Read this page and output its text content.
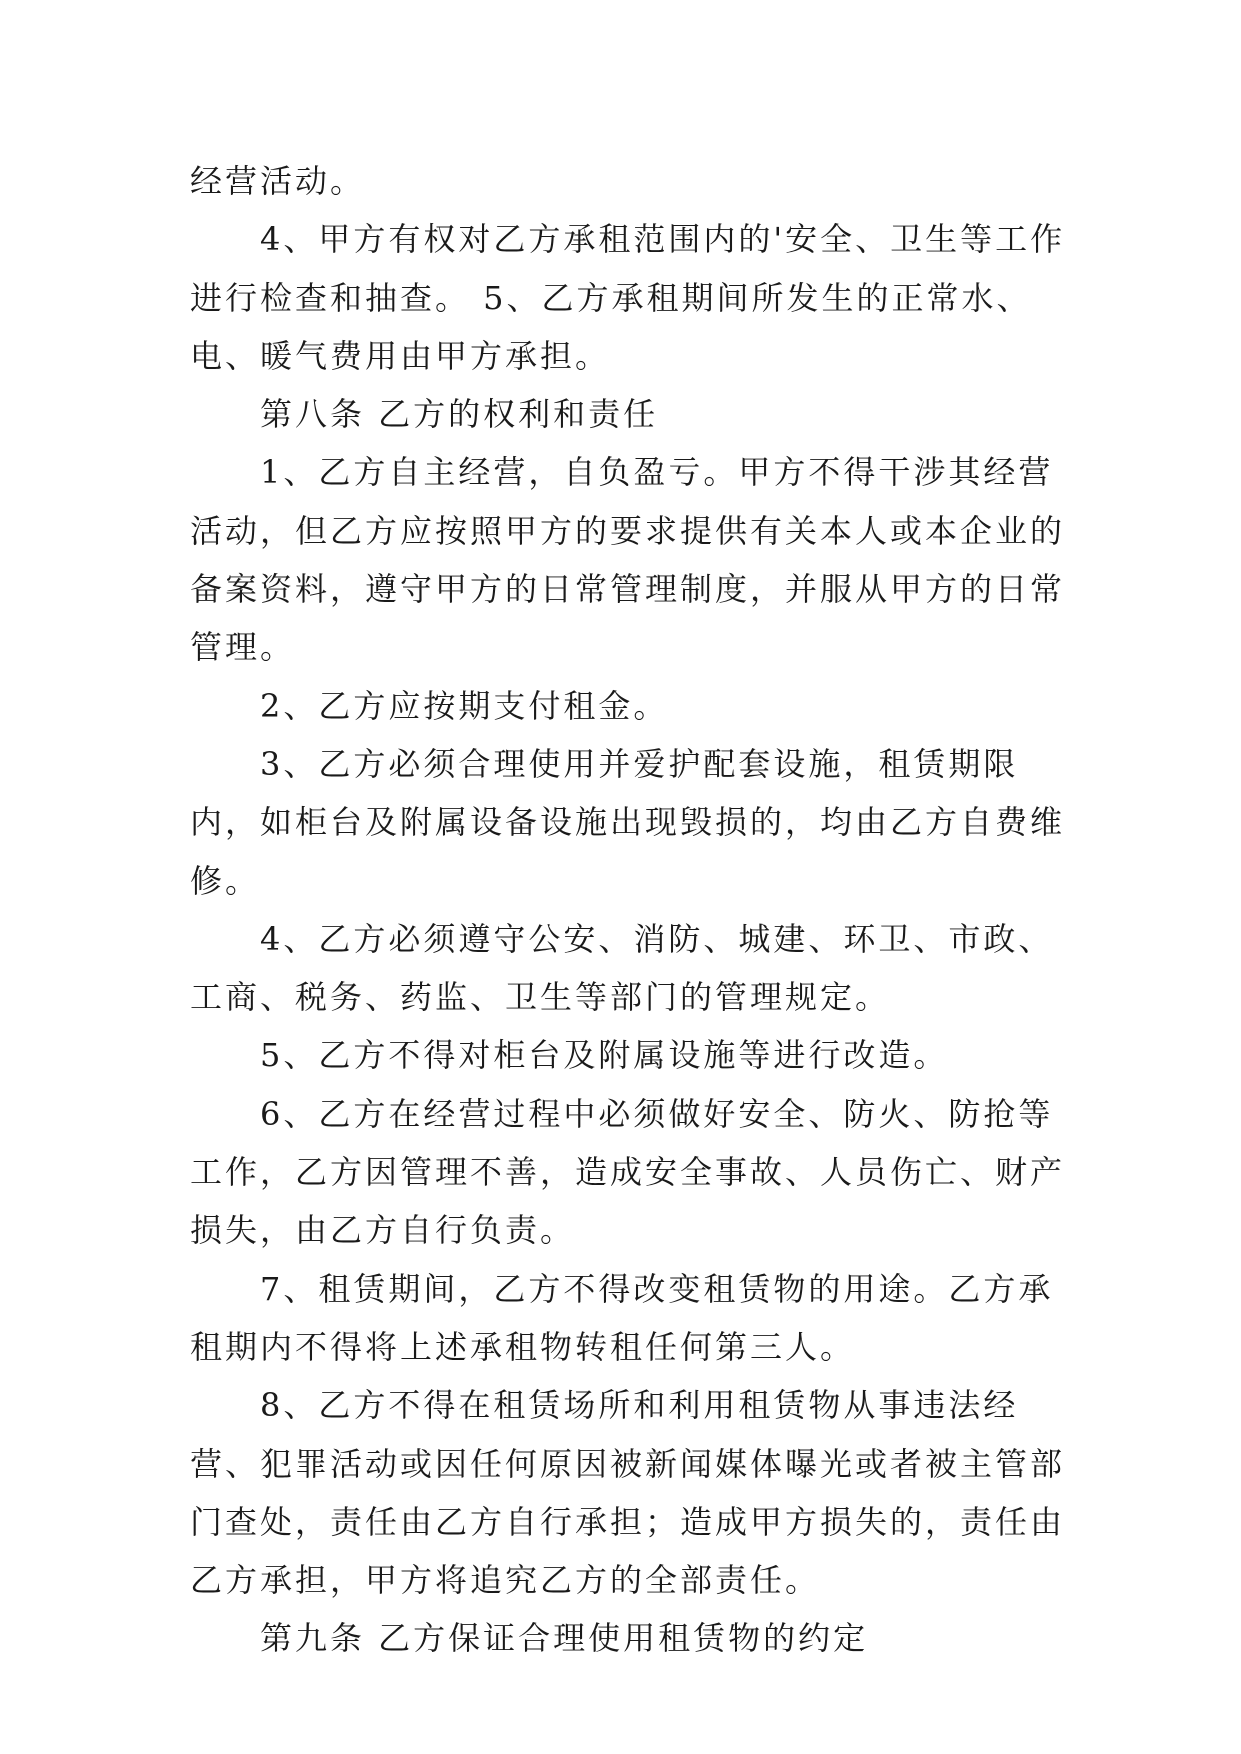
经营活动。

4、甲方有权对乙方承租范围内的'安全、卫生等工作进行检查和抽查。 5、乙方承租期间所发生的正常水、电、暖气费用由甲方承担。

第八条 乙方的权利和责任

1、乙方自主经营，自负盈亏。甲方不得干涉其经营活动，但乙方应按照甲方的要求提供有关本人或本企业的备案资料，遵守甲方的日常管理制度，并服从甲方的日常管理。

2、乙方应按期支付租金。

3、乙方必须合理使用并爱护配套设施，租赁期限内，如柜台及附属设备设施出现毁损的，均由乙方自费维修。

4、乙方必须遵守公安、消防、城建、环卫、市政、工商、税务、药监、卫生等部门的管理规定。

5、乙方不得对柜台及附属设施等进行改造。

6、乙方在经营过程中必须做好安全、防火、防抢等工作，乙方因管理不善，造成安全事故、人员伤亡、财产损失，由乙方自行负责。

7、租赁期间，乙方不得改变租赁物的用途。乙方承租期内不得将上述承租物转租任何第三人。

8、乙方不得在租赁场所和利用租赁物从事违法经营、犯罪活动或因任何原因被新闻媒体曝光或者被主管部门查处，责任由乙方自行承担；造成甲方损失的，责任由乙方承担，甲方将追究乙方的全部责任。

第九条 乙方保证合理使用租赁物的约定
